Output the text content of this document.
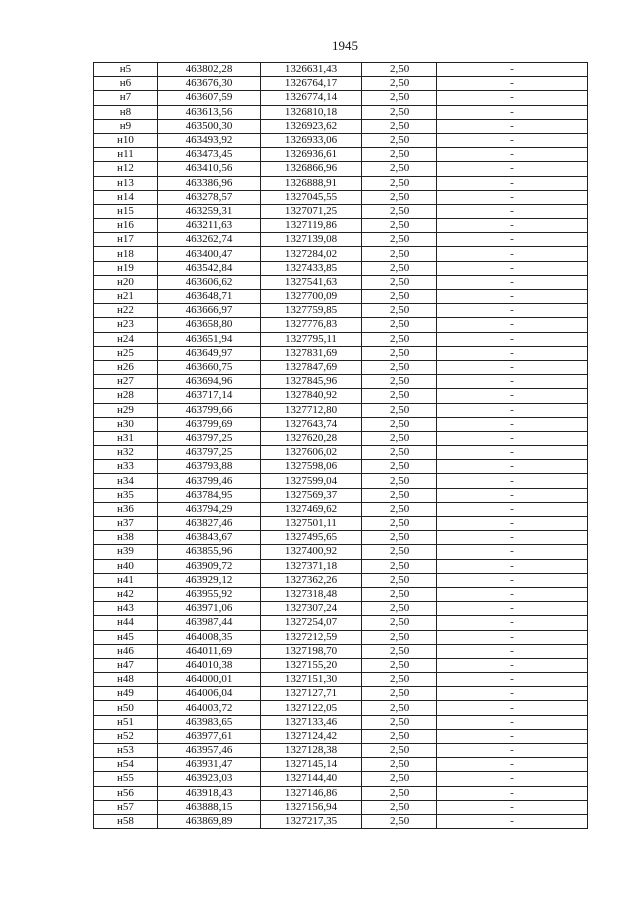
1945
н5	463802,28	1326631,43	2,50	-
н6	463676,30	1326764,17	2,50	-
н7	463607,59	1326774,14	2,50	-
н8	463613,56	1326810,18	2,50	-
н9	463500,30	1326923,62	2,50	-
н10	463493,92	1326933,06	2,50	-
н11	463473,45	1326936,61	2,50	-
н12	463410,56	1326866,96	2,50	-
н13	463386,96	1326888,91	2,50	-
н14	463278,57	1327045,55	2,50	-
н15	463259,31	1327071,25	2,50	-
н16	463211,63	1327119,86	2,50	-
н17	463262,74	1327139,08	2,50	-
н18	463400,47	1327284,02	2,50	-
н19	463542,84	1327433,85	2,50	-
н20	463606,62	1327541,63	2,50	-
н21	463648,71	1327700,09	2,50	-
н22	463666,97	1327759,85	2,50	-
н23	463658,80	1327776,83	2,50	-
н24	463651,94	1327795,11	2,50	-
н25	463649,97	1327831,69	2,50	-
н26	463660,75	1327847,69	2,50	-
н27	463694,96	1327845,96	2,50	-
н28	463717,14	1327840,92	2,50	-
н29	463799,66	1327712,80	2,50	-
н30	463799,69	1327643,74	2,50	-
н31	463797,25	1327620,28	2,50	-
н32	463797,25	1327606,02	2,50	-
н33	463793,88	1327598,06	2,50	-
н34	463799,46	1327599,04	2,50	-
н35	463784,95	1327569,37	2,50	-
н36	463794,29	1327469,62	2,50	-
н37	463827,46	1327501,11	2,50	-
н38	463843,67	1327495,65	2,50	-
н39	463855,96	1327400,92	2,50	-
н40	463909,72	1327371,18	2,50	-
н41	463929,12	1327362,26	2,50	-
н42	463955,92	1327318,48	2,50	-
н43	463971,06	1327307,24	2,50	-
н44	463987,44	1327254,07	2,50	-
н45	464008,35	1327212,59	2,50	-
н46	464011,69	1327198,70	2,50	-
н47	464010,38	1327155,20	2,50	-
н48	464000,01	1327151,30	2,50	-
н49	464006,04	1327127,71	2,50	-
н50	464003,72	1327122,05	2,50	-
н51	463983,65	1327133,46	2,50	-
н52	463977,61	1327124,42	2,50	-
н53	463957,46	1327128,38	2,50	-
н54	463931,47	1327145,14	2,50	-
н55	463923,03	1327144,40	2,50	-
н56	463918,43	1327146,86	2,50	-
н57	463888,15	1327156,94	2,50	-
н58	463869,89	1327217,35	2,50	-
